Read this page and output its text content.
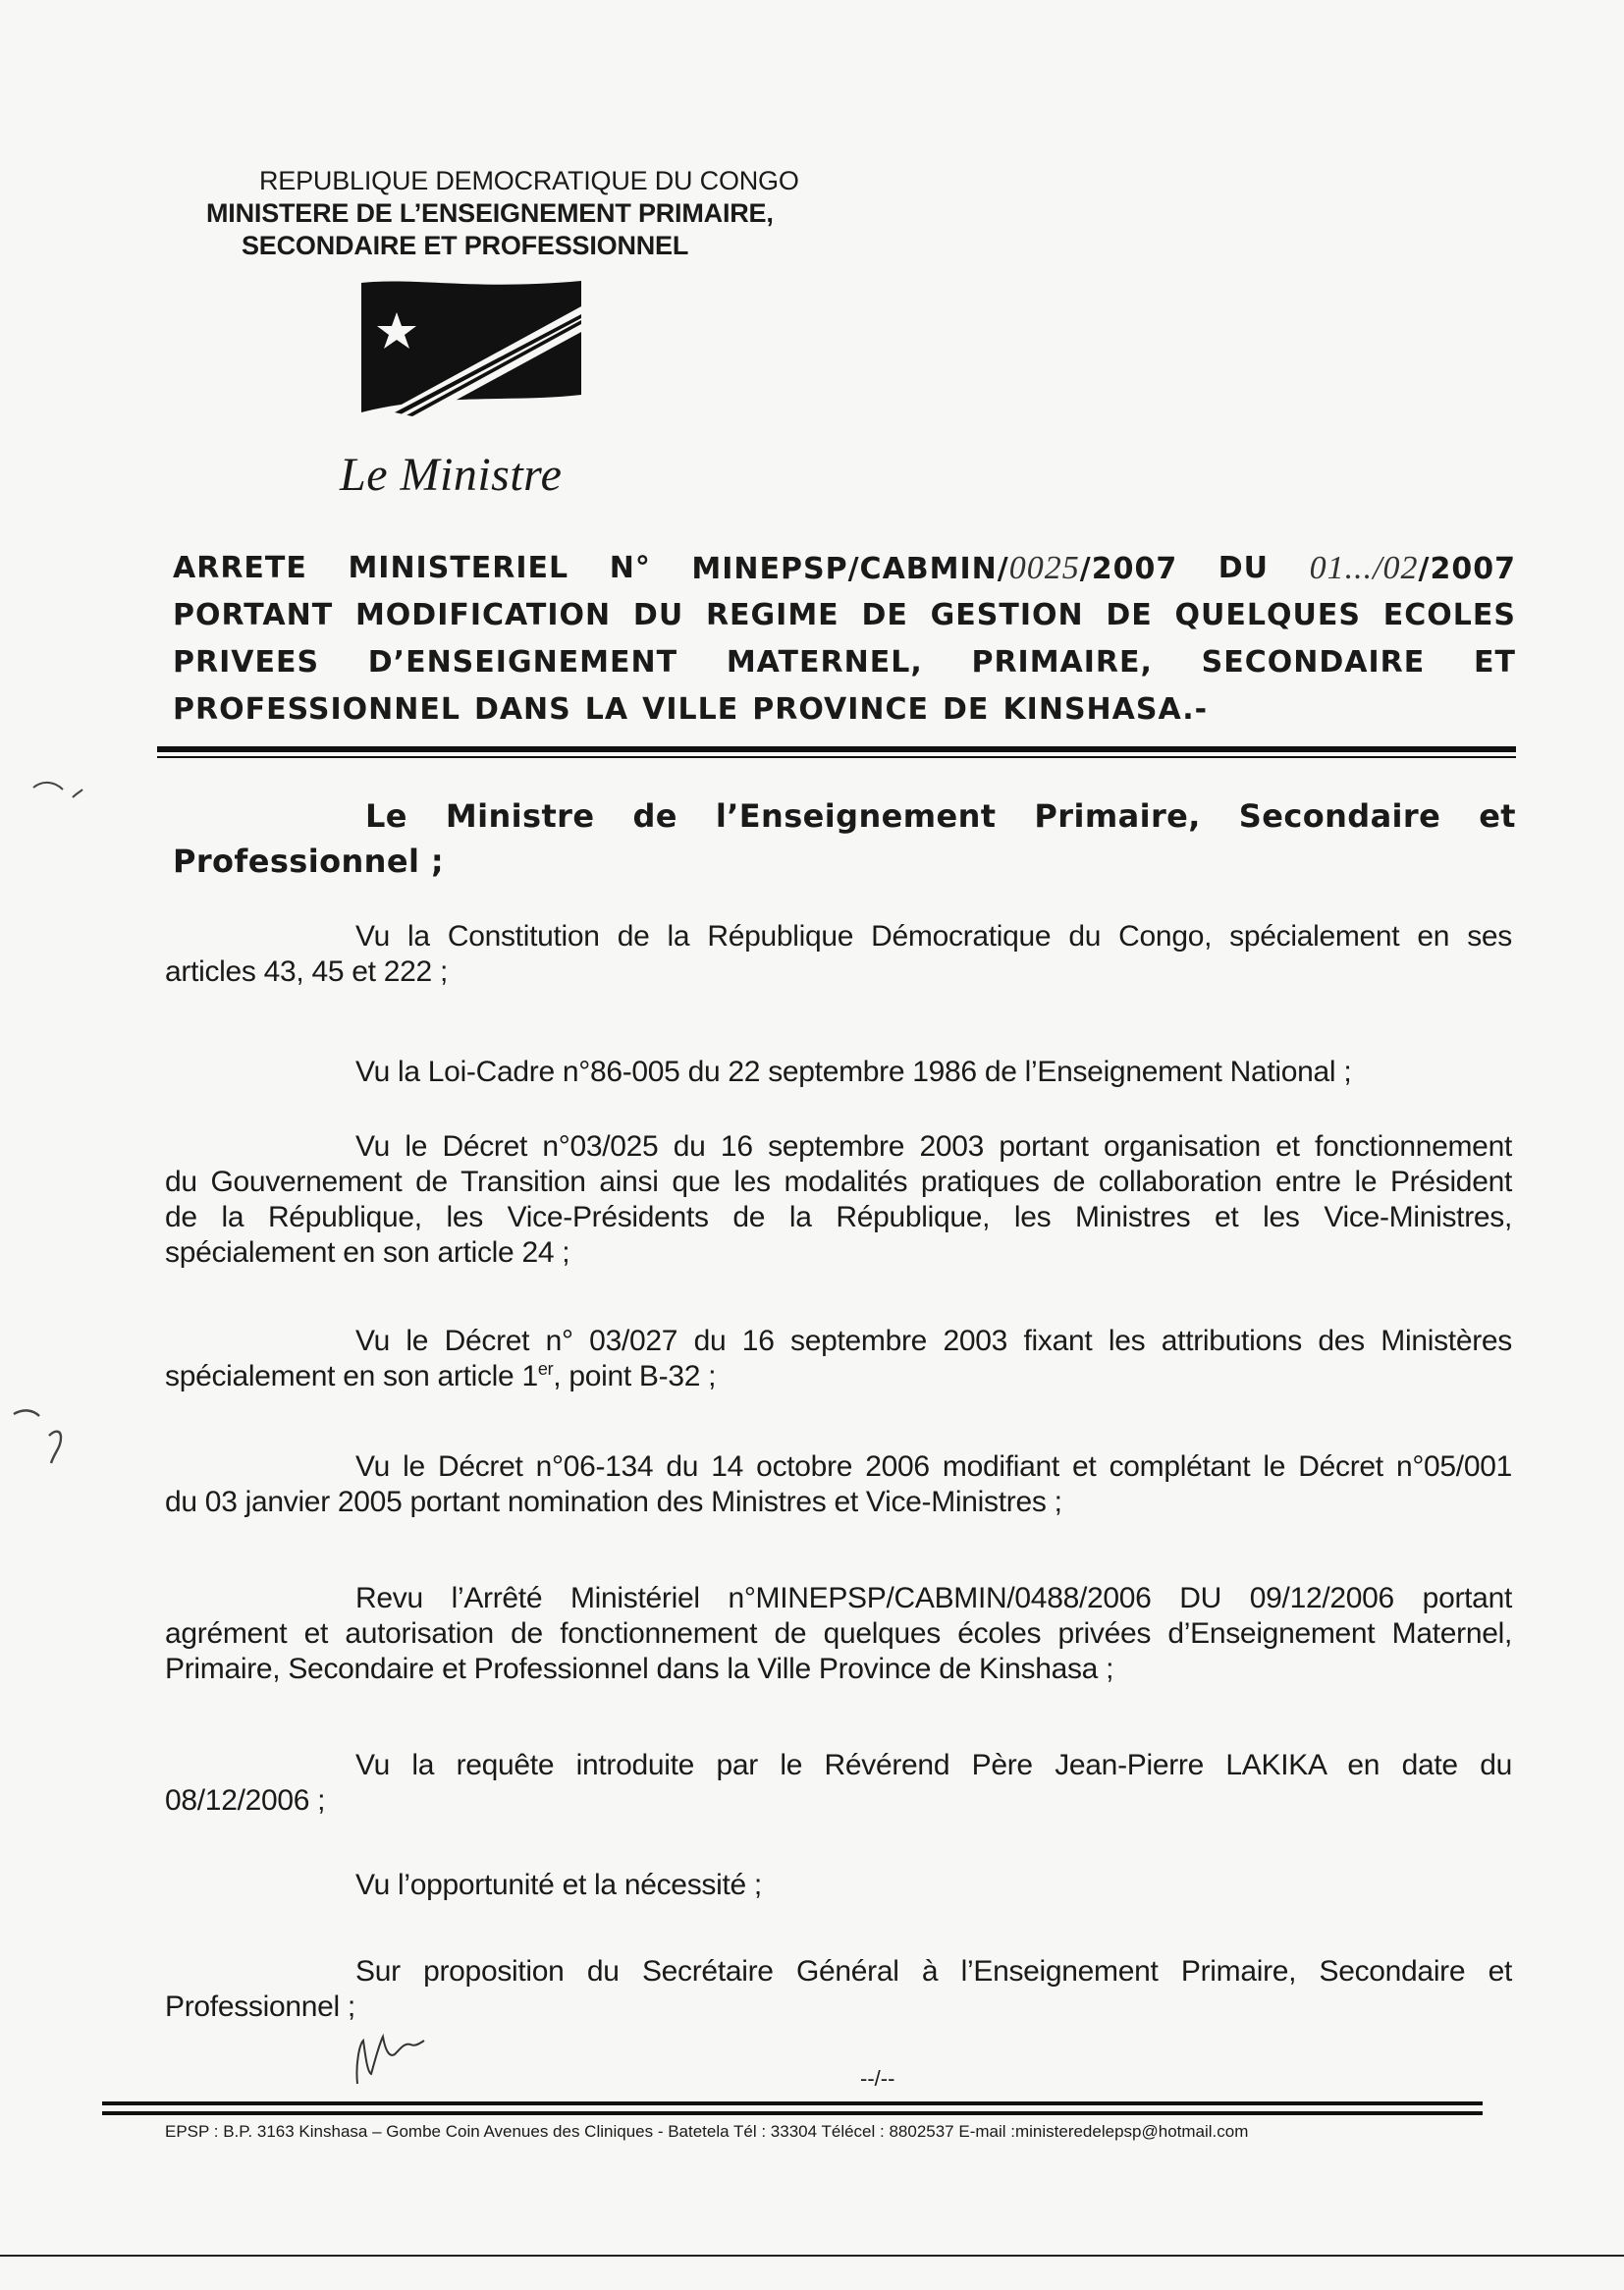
REPUBLIQUE DEMOCRATIQUE DU CONGO
MINISTERE DE L’ENSEIGNEMENT PRIMAIRE,
SECONDAIRE ET PROFESSIONNEL
Le Ministre
ARRETE MINISTERIEL N° MINEPSP/CABMIN/0025/2007 DU 01.../02/2007
PORTANT MODIFICATION DU REGIME DE GESTION DE QUELQUES ECOLES
PRIVEES D’ENSEIGNEMENT MATERNEL, PRIMAIRE, SECONDAIRE ET
PROFESSIONNEL DANS LA VILLE PROVINCE DE KINSHASA.-
Le Ministre de l’Enseignement Primaire, Secondaire et
Professionnel ;
Vu la Constitution de la République Démocratique du Congo, spécialement en ses
articles 43, 45 et 222 ;
Vu la Loi-Cadre n°86-005 du 22 septembre 1986 de l’Enseignement National ;
Vu le Décret n°03/025 du 16 septembre 2003 portant organisation et fonctionnement
du Gouvernement de Transition ainsi que les modalités pratiques de collaboration entre le Président
de la République, les Vice-Présidents de la République, les Ministres et les Vice-Ministres,
spécialement en son article 24 ;
Vu le Décret n° 03/027 du 16 septembre 2003 fixant les attributions des Ministères
spécialement en son article 1er, point B-32 ;
Vu le Décret n°06-134 du 14 octobre 2006 modifiant et complétant le Décret n°05/001
du 03 janvier 2005 portant nomination des Ministres et Vice-Ministres ;
Revu l’Arrêté Ministériel n°MINEPSP/CABMIN/0488/2006 DU 09/12/2006 portant
agrément et autorisation de fonctionnement de quelques écoles privées d’Enseignement Maternel,
Primaire, Secondaire et Professionnel dans la Ville Province de Kinshasa ;
Vu la requête introduite par le Révérend Père Jean-Pierre LAKIKA en date du
08/12/2006 ;
Vu l’opportunité et la nécessité ;
Sur proposition du Secrétaire Général à l’Enseignement Primaire, Secondaire et
Professionnel ;
--/--
EPSP : B.P. 3163 Kinshasa – Gombe Coin Avenues des Cliniques - Batetela Tél : 33304 Télécel : 8802537 E-mail :ministeredelepsp@hotmail.com
